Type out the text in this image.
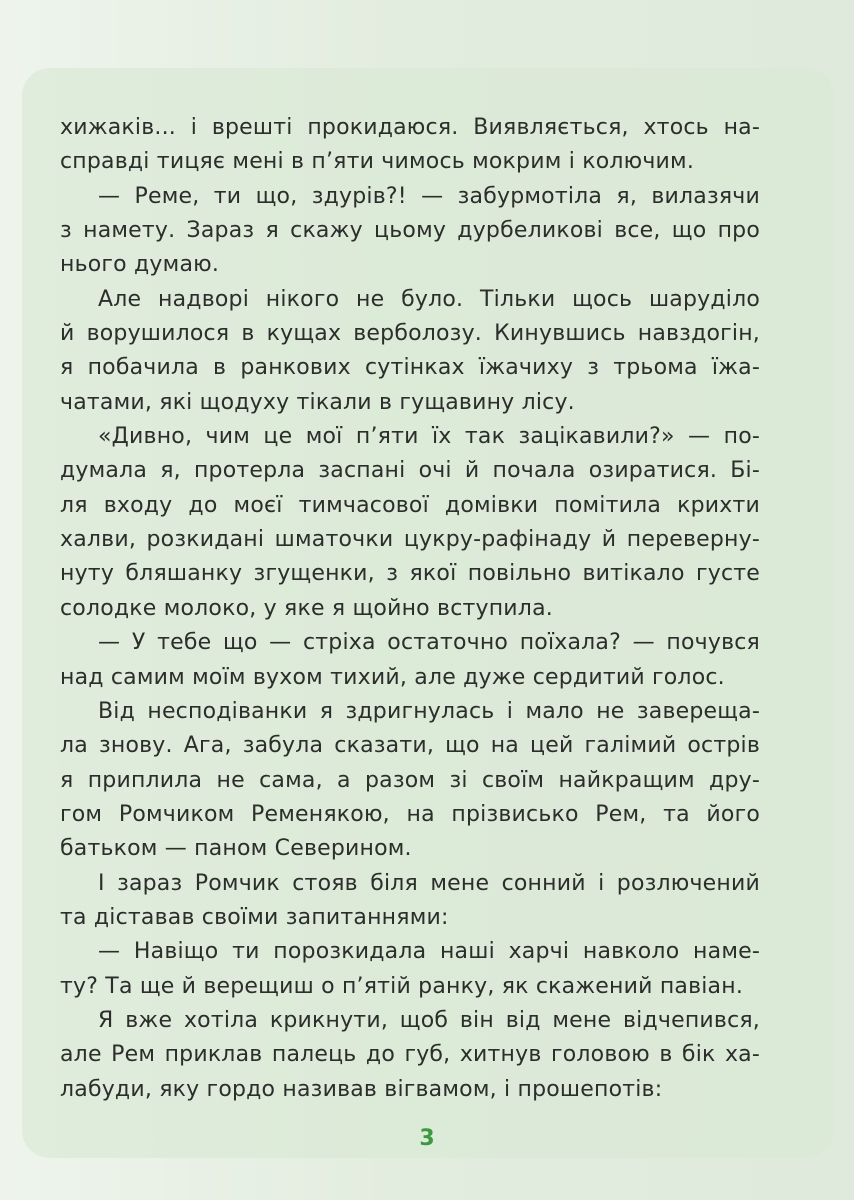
хижаків... і врешті прокидаюся. Виявляється, хтось на-
справді тицяє мені в п’яти чимось мокрим і колючим.
— Реме, ти що, здурів?! — забурмотіла я, вилазячи
з намету. Зараз я скажу цьому дурбеликові все, що про
нього думаю.
Але надворі нікого не було. Тільки щось шаруділо
й ворушилося в кущах верболозу. Кинувшись навздогін,
я побачила в ранкових сутінках їжачиху з трьома їжа-
чатами, які щодуху тікали в гущавину лісу.
«Дивно, чим це мої п’яти їх так зацікавили?» — по-
думала я, протерла заспані очі й почала озиратися. Бі-
ля входу до моєї тимчасової домівки помітила крихти
халви, розкидані шматочки цукру-рафінаду й переверну-
нуту бляшанку згущенки, з якої повільно витікало густе
солодке молоко, у яке я щойно вступила.
— У тебе що — стріха остаточно поїхала? — почувся
над самим моїм вухом тихий, але дуже сердитий голос.
Від несподіванки я здригнулась і мало не завереща-
ла знову. Ага, забула сказати, що на цей галімий острів
я приплила не сама, а разом зі своїм найкращим дру-
гом Ромчиком Ременякою, на прізвисько Рем, та його
батьком — паном Северином.
І зараз Ромчик стояв біля мене сонний і розлючений
та діставав своїми запитаннями:
— Навіщо ти порозкидала наші харчі навколо наме-
ту? Та ще й верещиш о п’ятій ранку, як скажений павіан.
Я вже хотіла крикнути, щоб він від мене відчепився,
але Рем приклав палець до губ, хитнув головою в бік ха-
лабуди, яку гордо називав вігвамом, і прошепотів:
3
